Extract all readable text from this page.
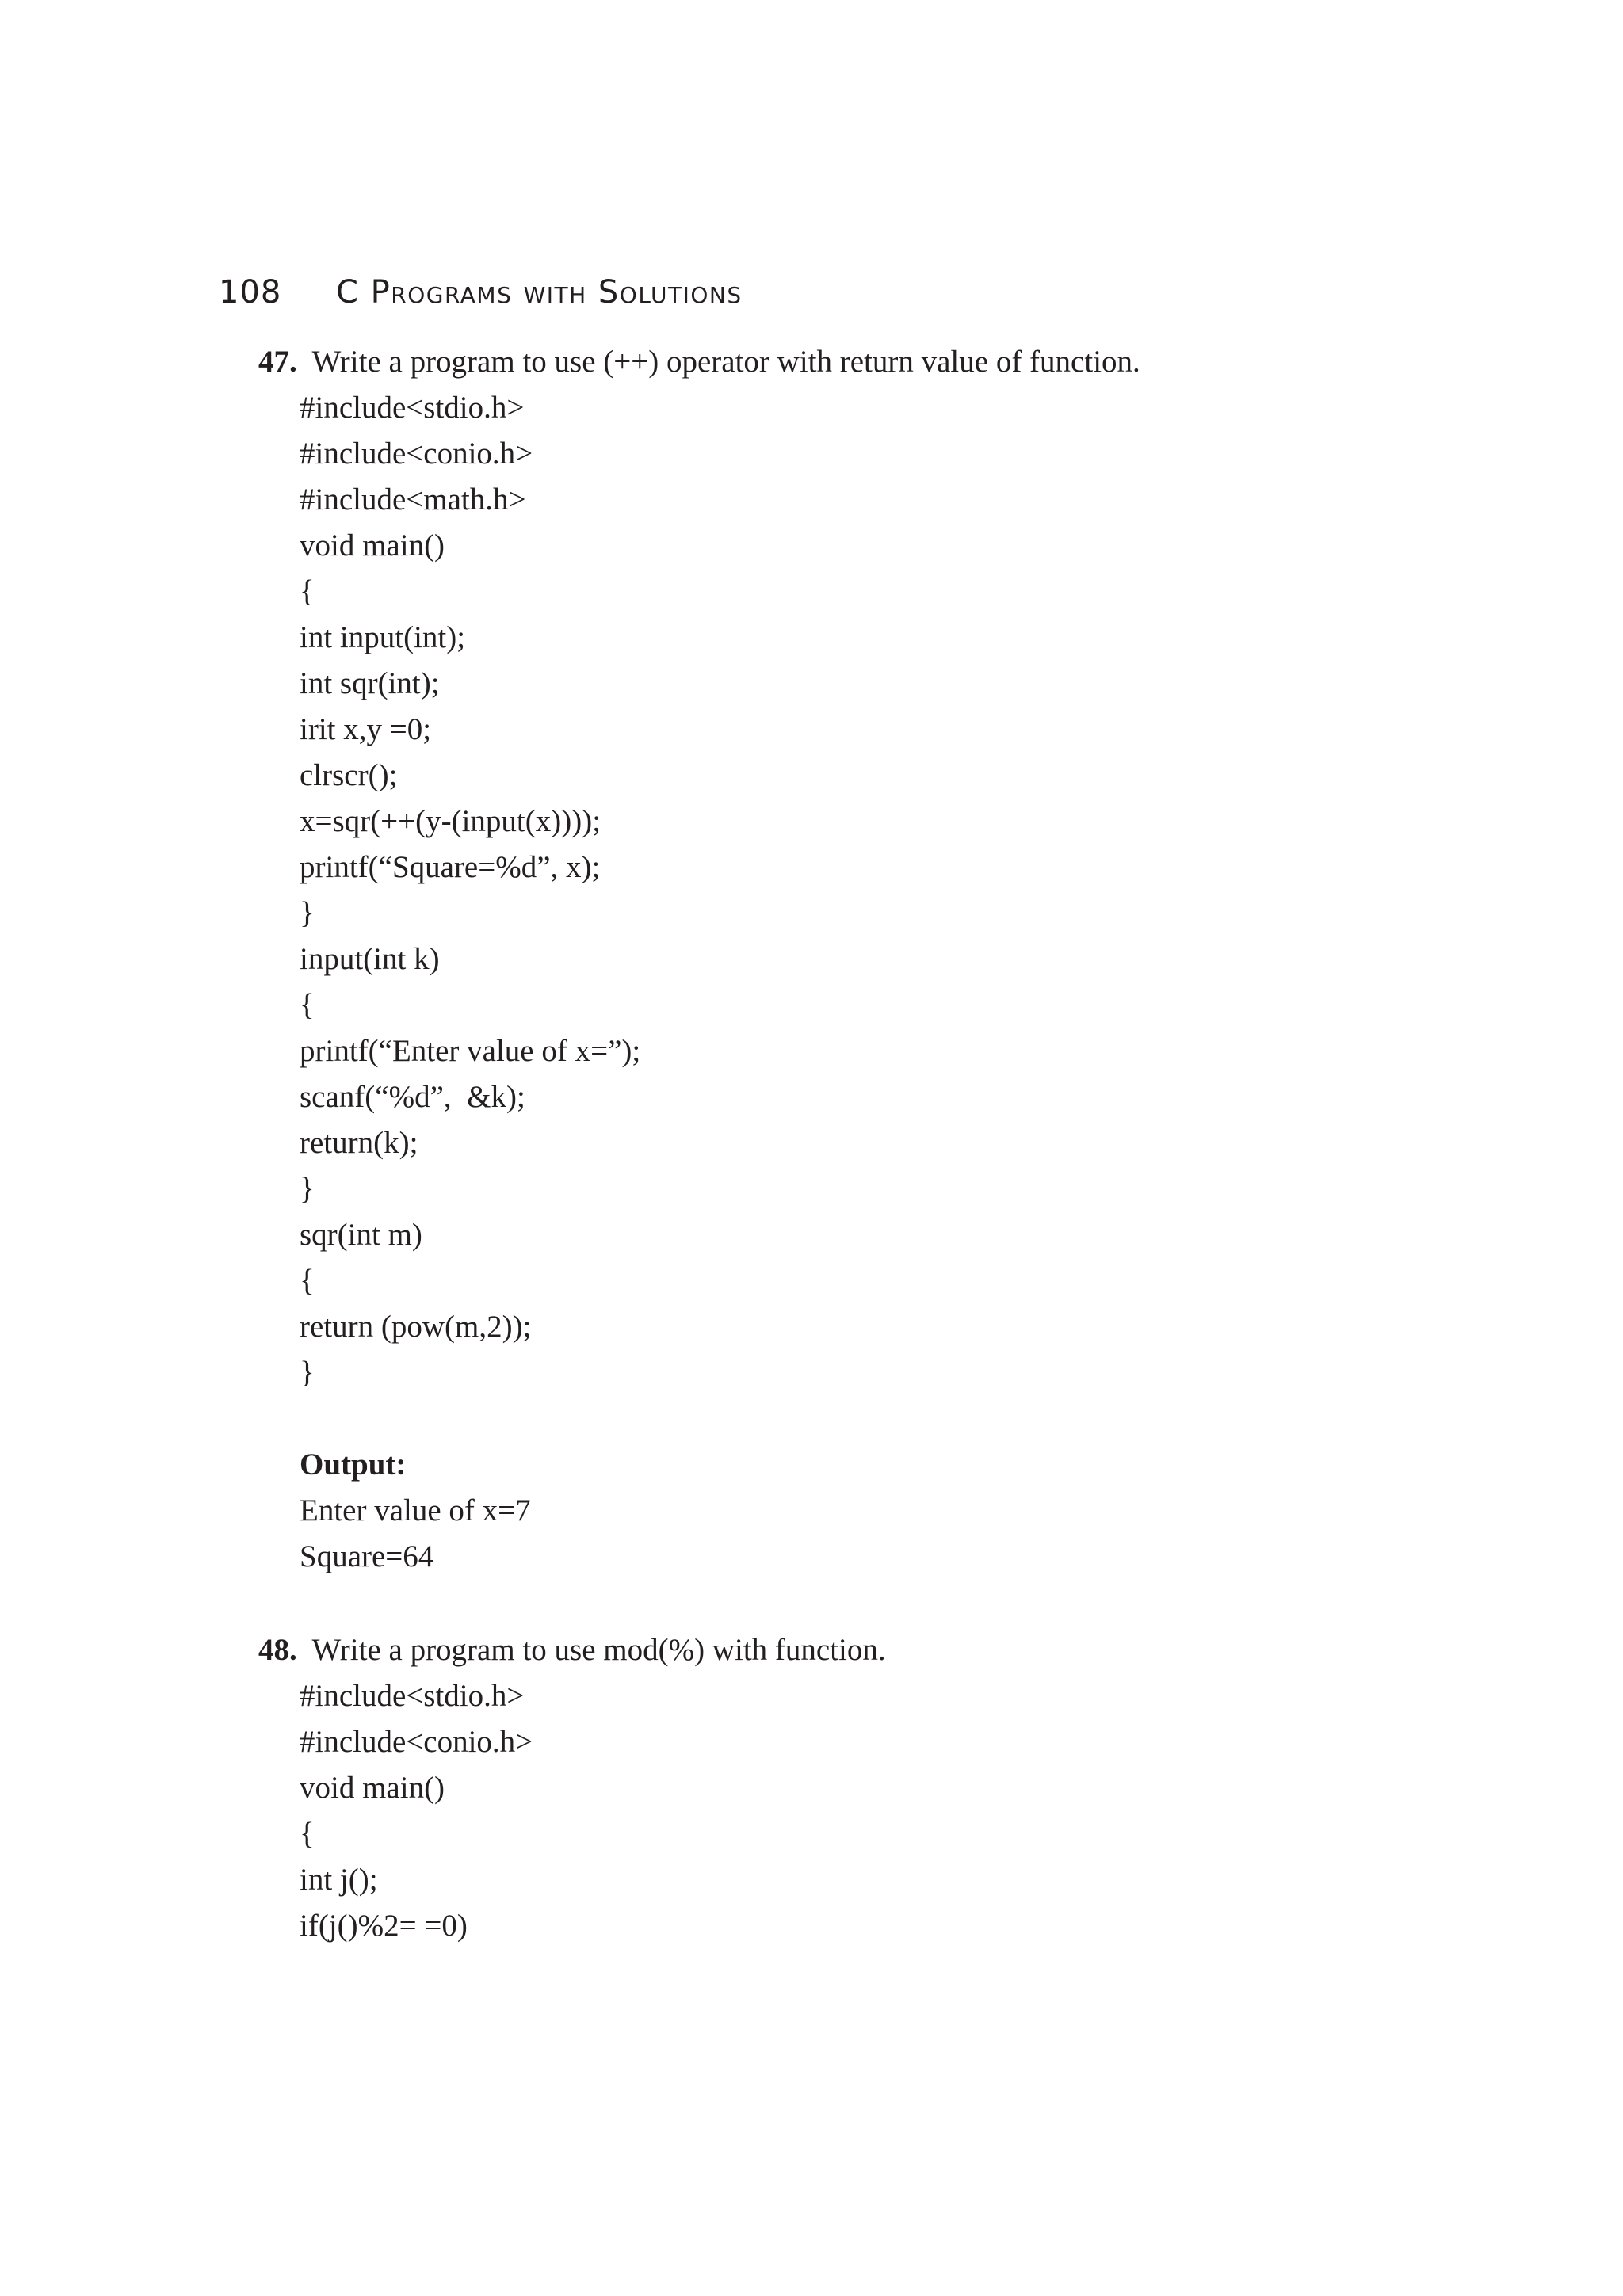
108	C Programs with Solutions
47. Write a program to use (++) operator with return value of function.
#include<stdio.h>
#include<conio.h>
#include<math.h>
void main()
{
int input(int);
int sqr(int);
irit x,y =0;
clrscr();
x=sqr(++(y-(input(x))));
printf(“Square=%d”, x);
}
input(int k)
{
printf(“Enter value of x=”);
scanf(“%d”,  &k);
return(k);
}
sqr(int m)
{
return (pow(m,2));
}
Output:
Enter value of x=7
Square=64
48. Write a program to use mod(%) with function.
#include<stdio.h>
#include<conio.h>
void main()
{
int j();
if(j()%2= =0)
